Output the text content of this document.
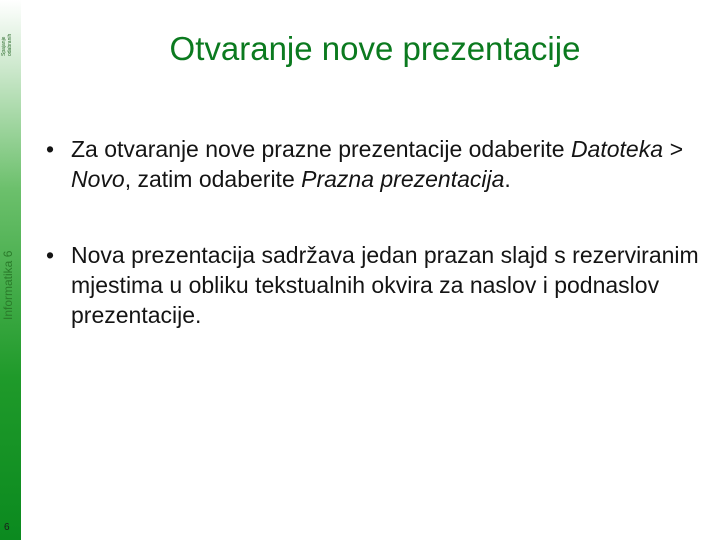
Spajanje odabranih
Informatika 6
6
Otvaranje nove prezentacije
• Za otvaranje nove prazne prezentacije odaberite Datoteka > Novo, zatim odaberite Prazna prezentacija.
• Nova prezentacija sadržava jedan prazan slajd s rezerviranim mjestima u obliku tekstualnih okvira za naslov i podnaslov prezentacije.
